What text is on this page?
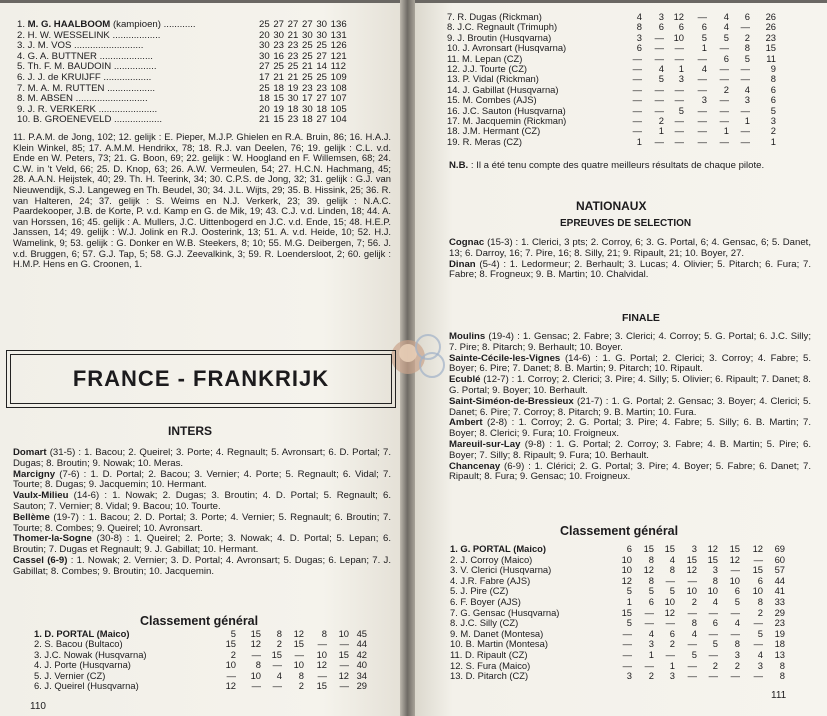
1. M. G. HAALBOOM (kampioen) ............	25 27 27 27 30 136
2. H. W. WESSELINK ..................	20 30 21 30 30 131
3. J. M. VOS ..........................	30 23 23 25 25 126
4. G. A. BUTTNER ....................	30 16 23 25 27 121
5. Th. F. M. BAUDOIN ................	27 25 25 21 14 112
6. J. J. de KRUIJFF ..................	17 21 21 25 25 109
7. M. A. M. RUTTEN ..................	25 18 19 23 23 108
8. M. ABSEN ...........................	18 15 30 17 27 107
9. J. R. VERKERK ......................	20 19 18 30 18 105
10. B. GROENEVELD ..................	21 15 23 18 27 104

11. P.A.M. de Jong, 102; 12. gelijk : E. Pieper, M.J.P. Ghielen en R.A. Bruin, 86; 16. H.A.J. Klein Winkel, 85; 17. A.M.M. Hendrikx, 78; 18. R.J. van Deelen, 76; 19. gelijk : C.L. v.d. Ende en W. Peters, 73; 21. G. Boon, 69; 22. gelijk : W. Hoogland en F. Willemsen, 68; 24. C.W. in 't Veld, 66; 25. D. Knop, 63; 26. A.W. Vermeulen, 54; 27. H.C.N. Hachmang, 45; 28. A.A.N. Heijstek, 40; 29. Th. H. Teerink, 34; 30. C.P.S. de Jong, 32; 31. gelijk : G.J. van Nieuwendijk, S.J. Langeweg en Th. Beudel, 30; 34. J.L. Wijts, 29; 35. B. Hissink, 25; 36. R. van Halteren, 24; 37. gelijk : S. Weims en N.J. Verkerk, 23; 39. gelijk : N.A.C. Paardekooper, J.B. de Korte, P. v.d. Kamp en G. de Mik, 19; 43. C.J. v.d. Linden, 18; 44. A. van Horssen, 16; 45. gelijk : A. Mullers, J.C. Uittenbogerd en J.C. v.d. Ende, 15; 48. H.E.P. Janssen, 14; 49. gelijk : W.J. Jolink en R.J. Oosterink, 13; 51. A. v.d. Heide, 10; 52. H.J. Wamelink, 9; 53. gelijk : G. Donker en W.B. Steekers, 8; 10; 55. M.G. Deibergen, 7; 56. J. v.d. Bruggen, 6; 57. G.J. Tap, 5; 58. G.J. Zeevalkink, 3; 59. R. Loendersloot, 2; 60. gelijk : H.M.P. Hens en G. Croonen, 1.

FRANCE - FRANKRIJK
INTERS

Domart (31-5) : 1. Bacou; 2. Queirel; 3. Porte; 4. Regnault; 5. Avronsart; 6. D. Portal; 7. Dugas; 8. Broutin; 9. Nowak; 10. Meras.

Marcigny (7-6) : 1. D. Portal; 2. Bacou; 3. Vernier; 4. Porte; 5. Regnault; 6. Vidal; 7. Tourte; 8. Dugas; 9. Jacquemin; 10. Hermant.

Vaulx-Milieu (14-6) : 1. Nowak; 2. Dugas; 3. Broutin; 4. D. Portal; 5. Regnault; 6. Sauton; 7. Vernier; 8. Vidal; 9. Bacou; 10. Tourte.

Bellème (19-7) : 1. Bacou; 2. D. Portal; 3. Porte; 4. Vernier; 5. Regnault; 6. Broutin; 7. Tourte; 8. Combes; 9. Queirel; 10. Avronsart.

Thomer-la-Sogne (30-8) : 1. Queirel; 2. Porte; 3. Nowak; 4. D. Portal; 5. Lepan; 6. Broutin; 7. Dugas et Regnault; 9. J. Gabillat; 10. Hermant.

Cassel (6-9) : 1. Nowak; 2. Vernier; 3. D. Portal; 4. Avronsart; 5. Dugas; 6. Lepan; 7. J. Gabillat; 8. Combes; 9. Broutin; 10. Jacquemin.

Classement général
1. D. PORTAL (Maico)	5	15	8	12	8	10 45
2. S. Bacou (Bultaco)	15	12	2	15	—	— 44
3. J.C. Nowak (Husqvarna)	2	—	15	—	10	15 42
4. J. Porte (Husqvarna)	10	8	—	10	12	— 40
5. J. Vernier (CZ)	—	10	4	8	—	12 34
6. J. Queirel (Husqvarna)	12	—	—	2	15	— 29
110
7. R. Dugas (Rickman)	4	3	12	—	4	6	26
8. J.C. Regnault (Trimuph)	8	6	6	6	4	—	26
9. J. Broutin (Husqvarna)	3	—	10	5	5	2	23
10. J. Avronsart (Husqvarna)	6	—	—	1	—	8	15
11. M. Lepan (CZ)	—	—	—	—	6	5	11
12. J.J. Tourte (CZ)	—	4	1	4	—	—	9
13. P. Vidal (Rickman)	—	5	3	—	—	—	8
14. J. Gabillat (Husqvarna)	—	—	—	—	2	4	6
15. M. Combes (AJS)	—	—	—	3	—	3	6
16. J.C. Sauton (Husqvarna)	—	—	5	—	—	—	5
17. M. Jacquemin (Rickman)	—	2	—	—	—	1	3
18. J.M. Hermant (CZ)	—	1	—	—	1	—	2
19. R. Meras (CZ)	1	—	—	—	—	—	1
N.B. : Il a été tenu compte des quatre meilleurs résultats de chaque pilote.
NATIONAUX
EPREUVES DE SELECTION

Cognac (15-3) : 1. Clerici, 3 pts; 2. Corroy, 6; 3. G. Portal, 6; 4. Gensac, 6; 5. Danet, 13; 6. Darroy, 16; 7. Pire, 16; 8. Silly, 21; 9. Ripault, 21; 10. Boyer, 27.

Dinan (5-4) : 1. Ledormeur; 2. Berhault; 3. Lucas; 4. Olivier; 5. Pitarch; 6. Fura; 7. Fabre; 8. Frogneux; 9. B. Martin; 10. Chalvidal.

FINALE

Moulins (19-4) : 1. Gensac; 2. Fabre; 3. Clerici; 4. Corroy; 5. G. Portal; 6. J.C. Silly; 7. Pire; 8. Pitarch; 9. Berhault; 10. Boyer.

Sainte-Cécile-les-Vignes (14-6) : 1. G. Portal; 2. Clerici; 3. Corroy; 4. Fabre; 5. Boyer; 6. Pire; 7. Danet; 8. B. Martin; 9. Pitarch; 10. Ripault.

Ecublé (12-7) : 1. Corroy; 2. Clerici; 3. Pire; 4. Silly; 5. Olivier; 6. Ripault; 7. Danet; 8. G. Portal; 9. Boyer; 10. Berhault.

Saint-Siméon-de-Bressieux (21-7) : 1. G. Portal; 2. Gensac; 3. Boyer; 4. Clerici; 5. Danet; 6. Pire; 7. Corroy; 8. Pitarch; 9. B. Martin; 10. Fura.

Ambert (2-8) : 1. Corroy; 2. G. Portal; 3. Pire; 4. Fabre; 5. Silly; 6. B. Martin; 7. Boyer; 8. Clerici; 9. Fura; 10. Froigneux.

Mareuil-sur-Lay (9-8) : 1. G. Portal; 2. Corroy; 3. Fabre; 4. B. Martin; 5. Pire; 6. Boyer; 7. Silly; 8. Ripault; 9. Fura; 10. Berhault.

Chancenay (6-9) : 1. Clérici; 2. G. Portal; 3. Pire; 4. Boyer; 5. Fabre; 6. Danet; 7. Ripault; 8. Fura; 9. Gensac; 10. Froigneux.

Classement général
1. G. PORTAL (Maico)	6	15	15	3	12	15	12	69
2. J. Corroy (Maico)	10	8	4	15	15	12	—	60
3. V. Clerici (Husqvarna)	10	12	8	12	3	—	15	57
4. J.R. Fabre (AJS)	12	8	—	—	8	10	6	44
5. J. Pire (CZ)	5	5	5	10	10	6	10	41
6. F. Boyer (AJS)	1	6	10	2	4	5	8	33
7. G. Gensac (Husqvarna)	15	—	12	—	—	—	2	29
8. J.C. Silly (CZ)	5	—	—	8	6	4	—	23
9. M. Danet (Montesa)	—	4	6	4	—	—	5	19
10. B. Martin (Montesa)	—	3	2	—	5	8	—	18
11. D. Ripault (CZ)	—	1	—	5	—	3	4	13
12. S. Fura (Maico)	—	—	1	—	2	2	3	8
13. D. Pitarch (CZ)	3	2	3	—	—	—	—	8
111
